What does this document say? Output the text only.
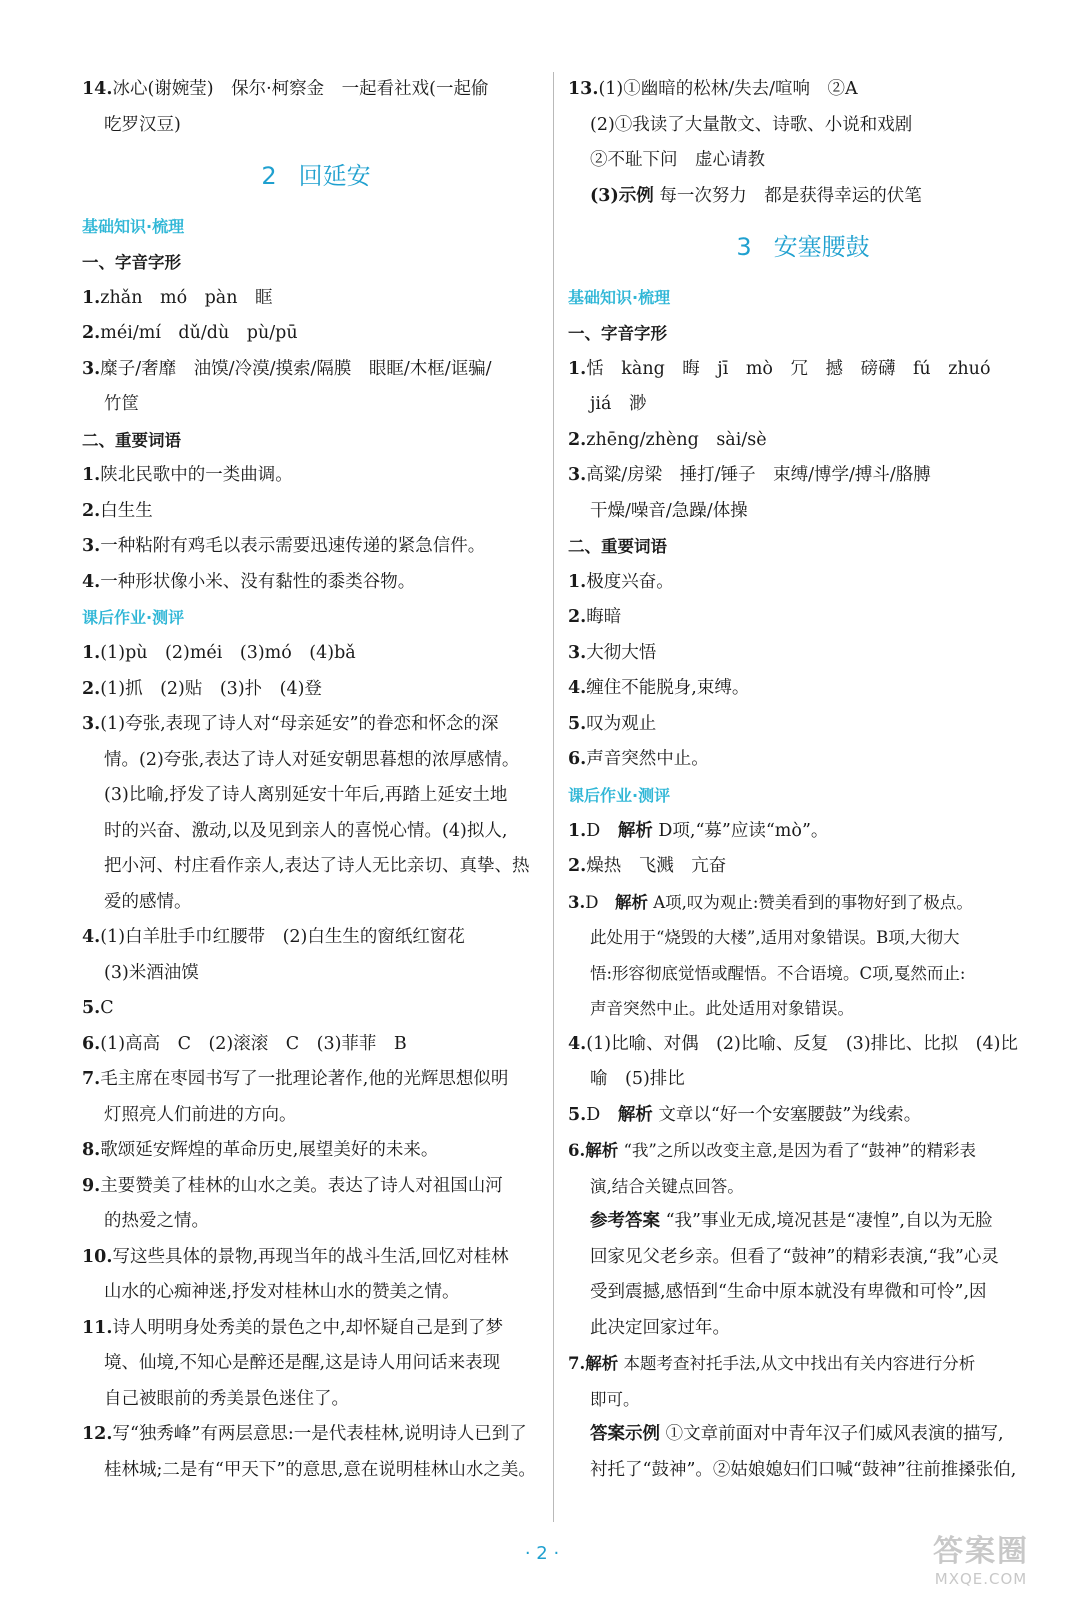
14.冰心(谢婉莹)　保尔·柯察金　一起看社戏(一起偷
吃罗汉豆)
2 回延安
基础知识·梳理
一、字音字形
1.zhǎn　mó　pàn　眶
2.méi/mí　dǔ/dù　pù/pū
3.糜子/奢靡　油馍/冷漠/摸索/隔膜　眼眶/木框/诓骗/
竹筐
二、重要词语
1.陕北民歌中的一类曲调。
2.白生生
3.一种粘附有鸡毛以表示需要迅速传递的紧急信件。
4.一种形状像小米、没有黏性的黍类谷物。
课后作业·测评
1.(1)pù　(2)méi　(3)mó　(4)bǎ
2.(1)抓　(2)贴　(3)扑　(4)登
3.(1)夸张,表现了诗人对“母亲延安”的眷恋和怀念的深
情。(2)夸张,表达了诗人对延安朝思暮想的浓厚感情。
(3)比喻,抒发了诗人离别延安十年后,再踏上延安土地
时的兴奋、激动,以及见到亲人的喜悦心情。(4)拟人,
把小河、村庄看作亲人,表达了诗人无比亲切、真挚、热
爱的感情。
4.(1)白羊肚手巾红腰带　(2)白生生的窗纸红窗花
(3)米酒油馍
5.C
6.(1)高高　C　(2)滚滚　C　(3)菲菲　B
7.毛主席在枣园书写了一批理论著作,他的光辉思想似明
灯照亮人们前进的方向。
8.歌颂延安辉煌的革命历史,展望美好的未来。
9.主要赞美了桂林的山水之美。表达了诗人对祖国山河
的热爱之情。
10.写这些具体的景物,再现当年的战斗生活,回忆对桂林
山水的心痴神迷,抒发对桂林山水的赞美之情。
11.诗人明明身处秀美的景色之中,却怀疑自己是到了梦
境、仙境,不知心是醉还是醒,这是诗人用问话来表现
自己被眼前的秀美景色迷住了。
12.写“独秀峰”有两层意思:一是代表桂林,说明诗人已到了
桂林城;二是有“甲天下”的意思,意在说明桂林山水之美。
13.(1)①幽暗的松林/失去/喧响　②A
(2)①我读了大量散文、诗歌、小说和戏剧
②不耻下问　虚心请教
(3)示例 每一次努力　都是获得幸运的伏笔
3 安塞腰鼓
基础知识·梳理
一、字音字形
1.恬　kàng　晦　jī　mò　冗　撼　磅礴　fú　zhuó
jiá　渺
2.zhēng/zhèng　sài/sè
3.高粱/房梁　捶打/锤子　束缚/博学/搏斗/胳膊
干燥/噪音/急躁/体操
二、重要词语
1.极度兴奋。
2.晦暗
3.大彻大悟
4.缠住不能脱身,束缚。
5.叹为观止
6.声音突然中止。
课后作业·测评
1.D　解析 D项,“募”应读“mò”。
2.燥热　飞溅　亢奋
3.D　解析 A项,叹为观止:赞美看到的事物好到了极点。
此处用于“烧毁的大楼”,适用对象错误。B项,大彻大
悟:形容彻底觉悟或醒悟。不合语境。C项,戛然而止:
声音突然中止。此处适用对象错误。
4.(1)比喻、对偶　(2)比喻、反复　(3)排比、比拟　(4)比
喻　(5)排比
5.D　解析 文章以“好一个安塞腰鼓”为线索。
6.解析 “我”之所以改变主意,是因为看了“鼓神”的精彩表
演,结合关键点回答。
参考答案 “我”事业无成,境况甚是“凄惶”,自以为无脸
回家见父老乡亲。但看了“鼓神”的精彩表演,“我”心灵
受到震撼,感悟到“生命中原本就没有卑微和可怜”,因
此决定回家过年。
7.解析 本题考查衬托手法,从文中找出有关内容进行分析
即可。
答案示例 ①文章前面对中青年汉子们威风表演的描写,
衬托了“鼓神”。②姑娘媳妇们口喊“鼓神”往前推搡张伯,
· 2 ·	答案圈
MXQE.COM
